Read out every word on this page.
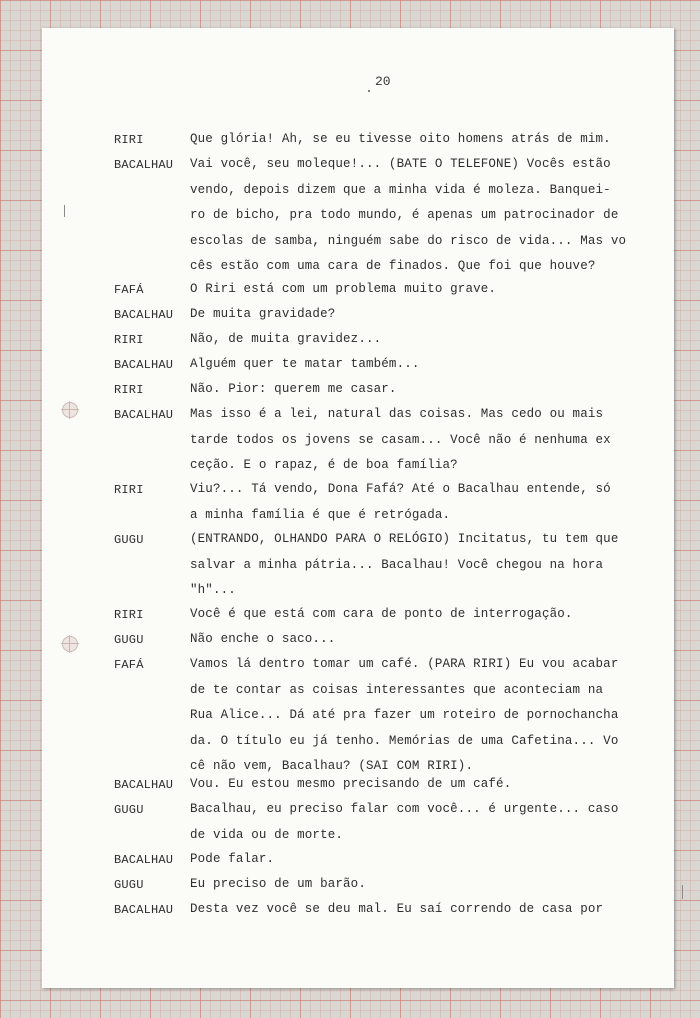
20
RIRI	Que glória! Ah, se eu tivesse oito homens atrás de mim.
BACALHAU Vai você, seu moleque!... (BATE O TELEFONE) Vocês estão
vendo, depois dizem que a minha vida é moleza. Banquei-
ro de bicho, pra todo mundo, é apenas um patrocinador de
escolas de samba, ninguém sabe do risco de vida... Mas vo
cês estão com uma cara de finados. Que foi que houve?
FAFÁ	O Riri está com um problema muito grave.
BACALHAU De muita gravidade?
RIRI	Não, de muita gravidez...
BACALHAU Alguém quer te matar também...
RIRI	Não. Pior: querem me casar.
BACALHAU Mas isso é a lei, natural das coisas. Mas cedo ou mais
tarde todos os jovens se casam... Você não é nenhuma ex
ceção. E o rapaz, é de boa família?
RIRI	Viu?... Tá vendo, Dona Fafá? Até o Bacalhau entende, só
a minha família é que é retrógada.
GUGU	(ENTRANDO, OLHANDO PARA O RELÓGIO) Incitatus, tu tem que
salvar a minha pátria... Bacalhau! Você chegou na hora
"h"...
RIRI	Você é que está com cara de ponto de interrogação.
GUGU	Não enche o saco...
FAFÁ	Vamos lá dentro tomar um café. (PARA RIRI) Eu vou acabar
de te contar as coisas interessantes que aconteciam na
Rua Alice... Dá até pra fazer um roteiro de pornochancha
da. O título eu já tenho. Memórias de uma Cafetina... Vo
cê não vem, Bacalhau? (SAI COM RIRI).
BACALHAU Vou. Eu estou mesmo precisando de um café.
GUGU	Bacalhau, eu preciso falar com você... é urgente... caso
de vida ou de morte.
BACALHAU Pode falar.
GUGU	Eu preciso de um barão.
BACALHAU Desta vez você se deu mal. Eu saí correndo de casa por
